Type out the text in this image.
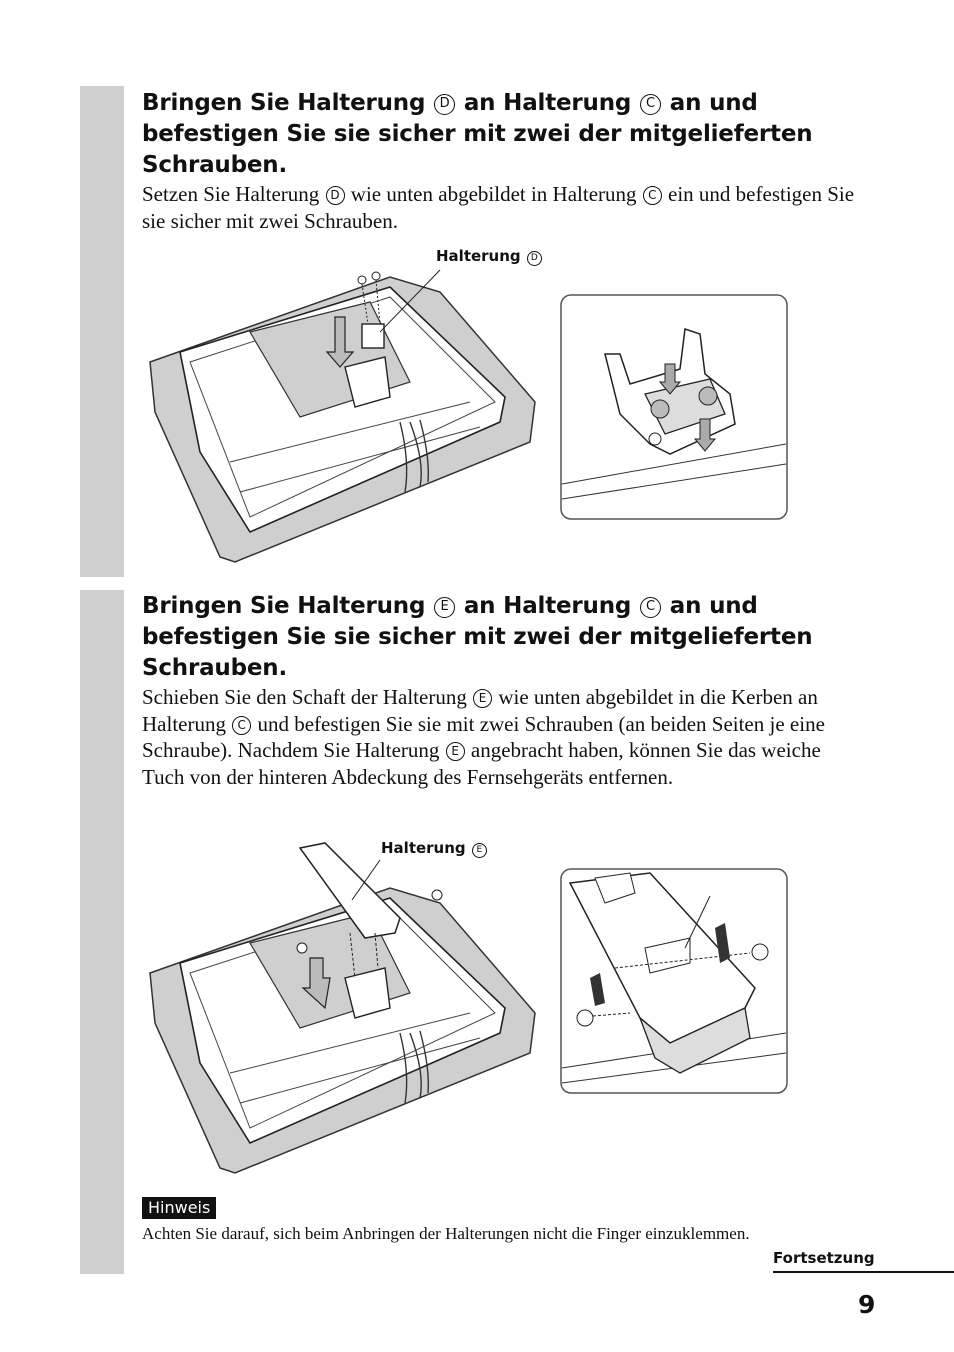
Bringen Sie Halterung D an Halterung C an und befestigen Sie sie sicher mit zwei der mitgelieferten Schrauben.
Setzen Sie Halterung D wie unten abgebildet in Halterung C ein und befestigen Sie sie sicher mit zwei Schrauben.
Halterung D
Bringen Sie Halterung E an Halterung C an und befestigen Sie sie sicher mit zwei der mitgelieferten Schrauben.
Schieben Sie den Schaft der Halterung E wie unten abgebildet in die Kerben an Halterung C und befestigen Sie sie mit zwei Schrauben (an beiden Seiten je eine Schraube). Nachdem Sie Halterung E angebracht haben, können Sie das weiche Tuch von der hinteren Abdeckung des Fernsehgeräts entfernen.
Halterung E
Hinweis
Achten Sie darauf, sich beim Anbringen der Halterungen nicht die Finger einzuklemmen.
Fortsetzung
9
